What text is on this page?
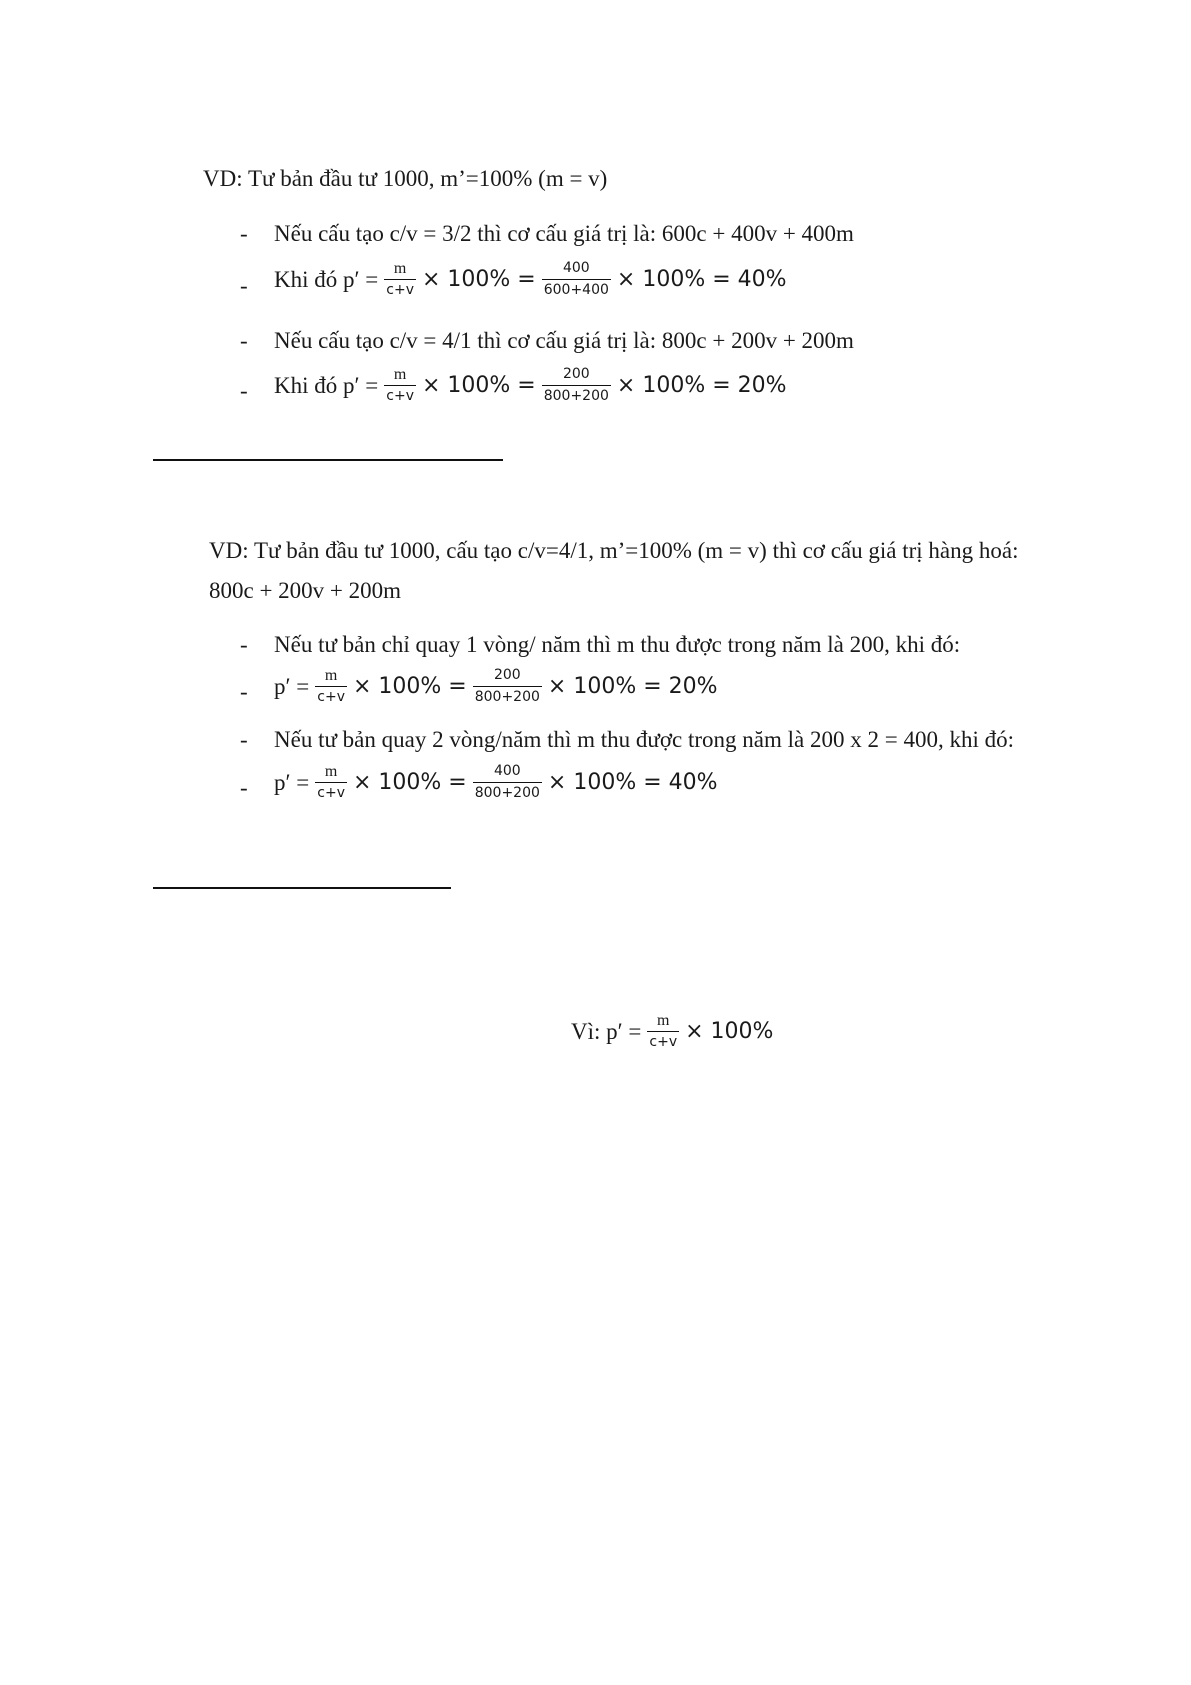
VD: Tư bản đầu tư 1000, m’=100% (m = v)
- Nếu cấu tạo c/v = 3/2 thì cơ cấu giá trị là: 600c + 400v + 400m
- Khi đó $p' = \frac{m}{c+v} \times 100\% = \frac{400}{600+400} \times 100\% = 40\%$
- Nếu cấu tạo c/v = 4/1 thì cơ cấu giá trị là: 800c + 200v + 200m
- Khi đó $p' = \frac{m}{c+v} \times 100\% = \frac{200}{800+200} \times 100\% = 20\%$
VD: Tư bản đầu tư 1000, cấu tạo c/v=4/1, m’=100% (m = v) thì cơ cấu giá trị hàng hoá:
800c + 200v + 200m
- Nếu tư bản chỉ quay 1 vòng/ năm thì m thu được trong năm là 200, khi đó:
- $p' = \frac{m}{c+v} \times 100\% = \frac{200}{800+200} \times 100\% = 20\%$
- Nếu tư bản quay 2 vòng/năm thì m thu được trong năm là 200 x 2 = 400, khi đó:
- $p' = \frac{m}{c+v} \times 100\% = \frac{400}{800+200} \times 100\% = 40\%$
Vì: $p' = \frac{m}{c+v} \times 100\%$
